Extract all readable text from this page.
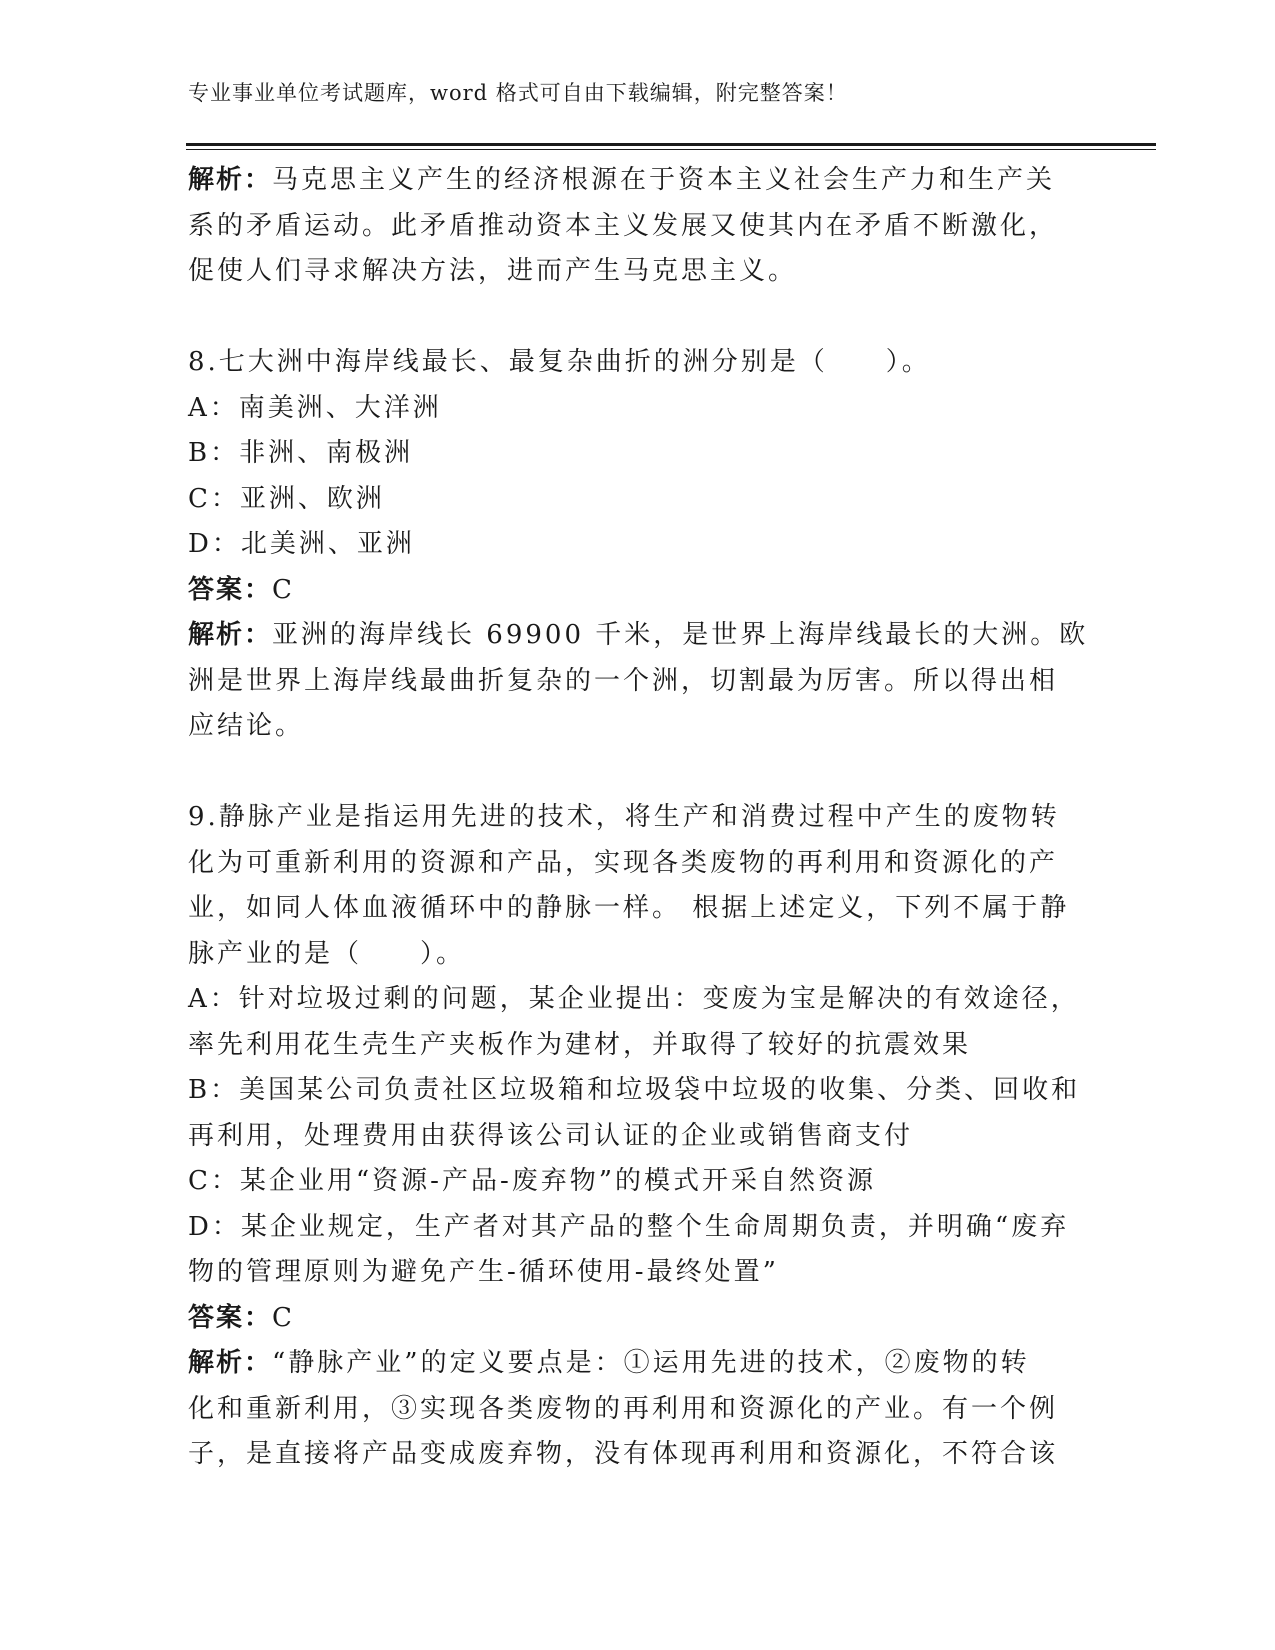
专业事业单位考试题库，word 格式可自由下载编辑，附完整答案！

解析：马克思主义产生的经济根源在于资本主义社会生产力和生产关

系的矛盾运动。此矛盾推动资本主义发展又使其内在矛盾不断激化，

促使人们寻求解决方法，进而产生马克思主义。

8.七大洲中海岸线最长、最复杂曲折的洲分别是（　　）。

A：南美洲、大洋洲

B：非洲、南极洲

C：亚洲、欧洲

D：北美洲、亚洲

答案：C

解析：亚洲的海岸线长 69900 千米，是世界上海岸线最长的大洲。欧

洲是世界上海岸线最曲折复杂的一个洲，切割最为厉害。所以得出相

应结论。

9.静脉产业是指运用先进的技术，将生产和消费过程中产生的废物转

化为可重新利用的资源和产品，实现各类废物的再利用和资源化的产

业，如同人体血液循环中的静脉一样。 根据上述定义，下列不属于静

脉产业的是（　　）。

A：针对垃圾过剩的问题，某企业提出：变废为宝是解决的有效途径，

率先利用花生壳生产夹板作为建材，并取得了较好的抗震效果

B：美国某公司负责社区垃圾箱和垃圾袋中垃圾的收集、分类、回收和

再利用，处理费用由获得该公司认证的企业或销售商支付

C：某企业用“资源-产品-废弃物”的模式开采自然资源

D：某企业规定，生产者对其产品的整个生命周期负责，并明确“废弃

物的管理原则为避免产生-循环使用-最终处置”

答案：C

解析：“静脉产业”的定义要点是：①运用先进的技术，②废物的转

化和重新利用，③实现各类废物的再利用和资源化的产业。有一个例

子，是直接将产品变成废弃物，没有体现再利用和资源化，不符合该
